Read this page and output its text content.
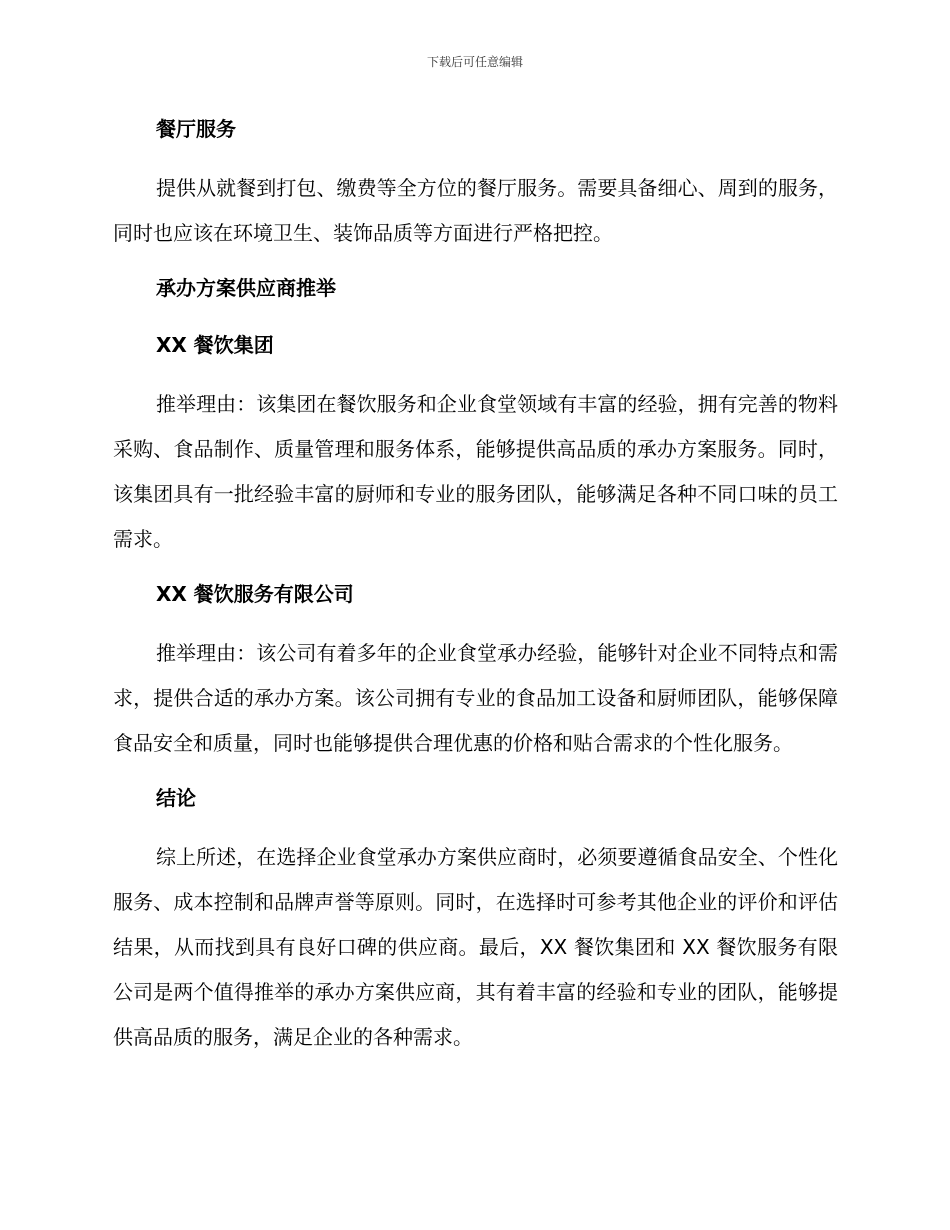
下载后可任意编辑
餐厅服务
提供从就餐到打包、缴费等全方位的餐厅服务。需要具备细心、周到的服务，同时也应该在环境卫生、装饰品质等方面进行严格把控。
承办方案供应商推举
XX 餐饮集团
推举理由：该集团在餐饮服务和企业食堂领域有丰富的经验，拥有完善的物料采购、食品制作、质量管理和服务体系，能够提供高品质的承办方案服务。同时，该集团具有一批经验丰富的厨师和专业的服务团队，能够满足各种不同口味的员工需求。
XX 餐饮服务有限公司
推举理由：该公司有着多年的企业食堂承办经验，能够针对企业不同特点和需求，提供合适的承办方案。该公司拥有专业的食品加工设备和厨师团队，能够保障食品安全和质量，同时也能够提供合理优惠的价格和贴合需求的个性化服务。
结论
综上所述，在选择企业食堂承办方案供应商时，必须要遵循食品安全、个性化服务、成本控制和品牌声誉等原则。同时，在选择时可参考其他企业的评价和评估结果，从而找到具有良好口碑的供应商。最后，XX 餐饮集团和 XX 餐饮服务有限公司是两个值得推举的承办方案供应商，其有着丰富的经验和专业的团队，能够提供高品质的服务，满足企业的各种需求。
